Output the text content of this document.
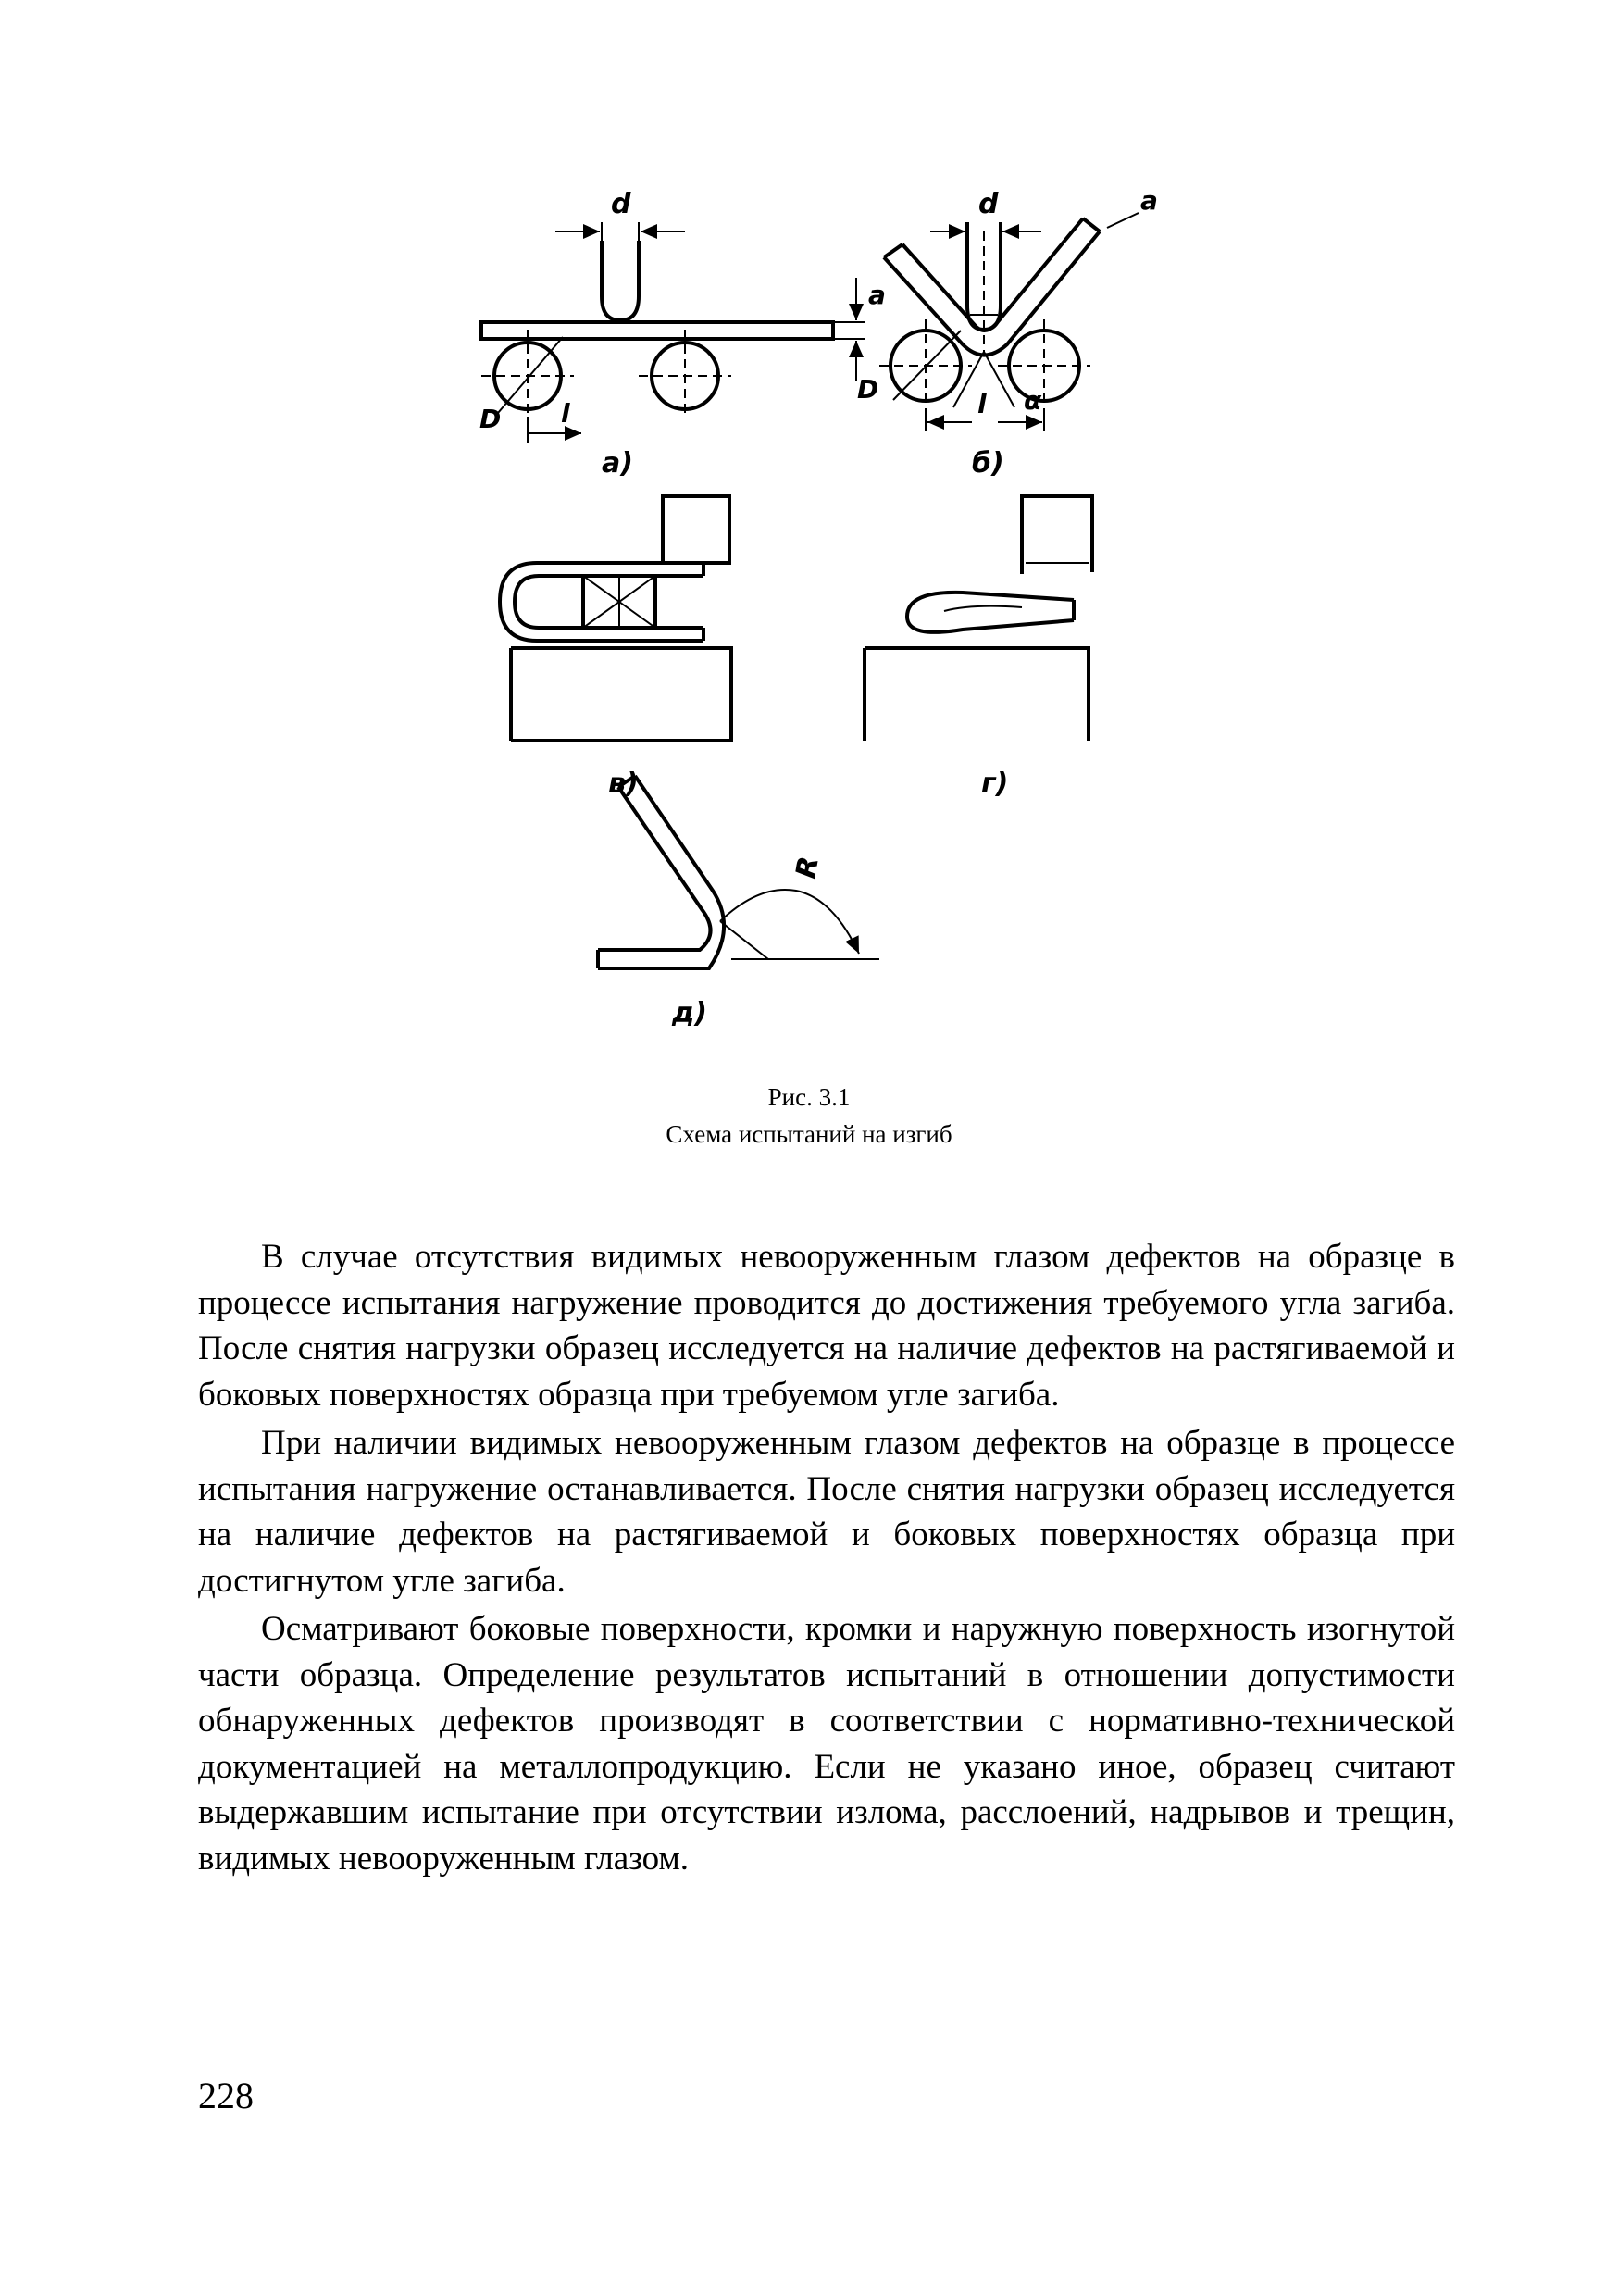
d
a
D l
а)
d	a
D	l α
б)
в)	г)
R
д)
Рис. 3.1
Схема испытаний на изгиб

В случае отсутствия видимых невооруженным глазом дефектов на образце в процессе испытания нагружение проводится до достижения требуемого угла загиба. После снятия нагрузки образец исследуется на наличие дефектов на растягиваемой и боковых поверхностях образца при требуемом угле загиба.

При наличии видимых невооруженным глазом дефектов на образце в процессе испытания нагружение останавливается. После снятия нагрузки образец исследуется на наличие дефектов на растягиваемой и боковых поверхностях образца при достигнутом угле загиба.

Осматривают боковые поверхности, кромки и наружную поверхность изогнутой части образца. Определение результатов испытаний в отношении допустимости обнаруженных дефектов производят в соответствии с нормативно-технической документацией на металлопродукцию. Если не указано иное, образец считают выдержавшим испытание при отсутствии излома, расслоений, надрывов и трещин, видимых невооруженным глазом.

228
